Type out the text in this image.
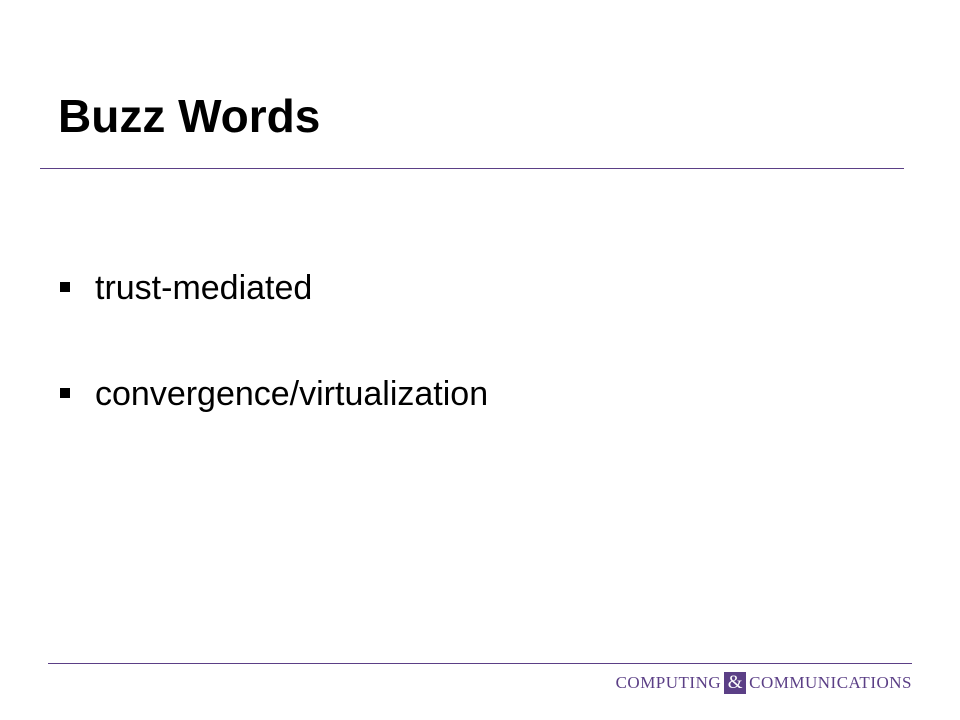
Buzz Words
trust-mediated
convergence/virtualization
COMPUTING & COMMUNICATIONS
